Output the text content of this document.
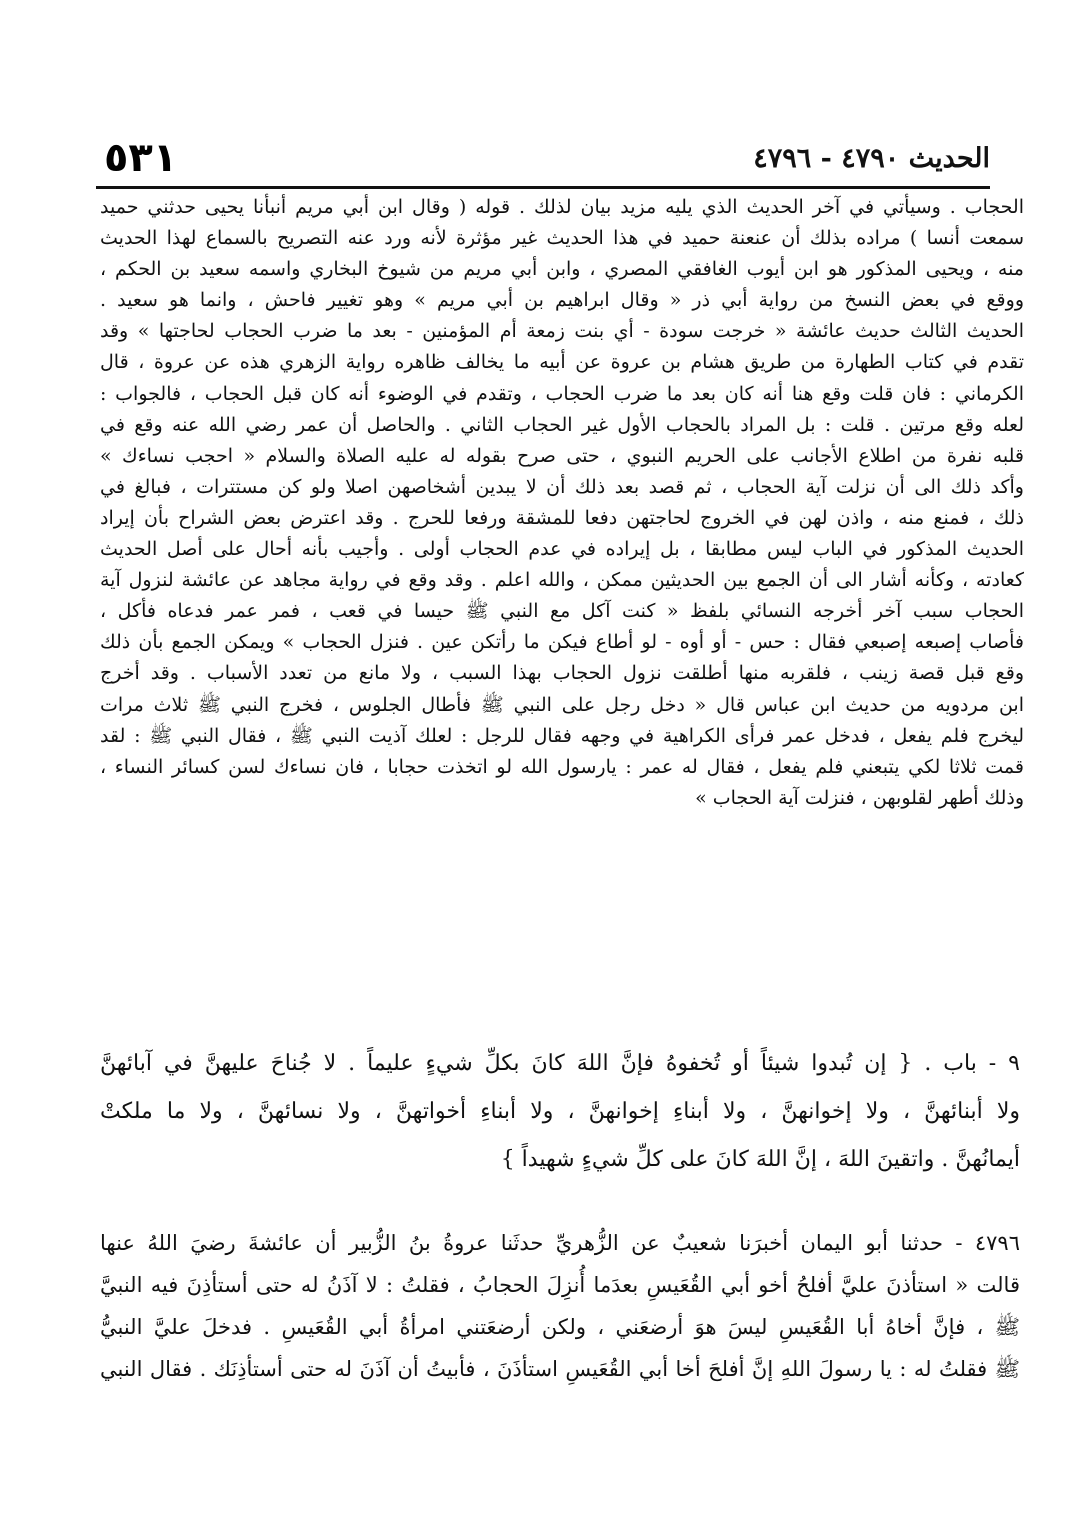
٥٣١	الحديث ٤٧٩٠ - ٤٧٩٦
الحجاب . وسيأتي في آخر الحديث الذي يليه مزيد بيان لذلك . قوله ( وقال ابن أبي مريم أنبأنا يحيى حدثني حميد
سمعت أنسا ) مراده بذلك أن عنعنة حميد في هذا الحديث غير مؤثرة لأنه ورد عنه التصريح بالسماع لهذا الحديث
منه ، ويحيى المذكور هو ابن أيوب الغافقي المصري ، وابن أبي مريم من شيوخ البخاري واسمه سعيد بن الحكم ،
ووقع في بعض النسخ من رواية أبي ذر « وقال ابراهيم بن أبي مريم » وهو تغيير فاحش ، وانما هو سعيد .
الحديث الثالث حديث عائشة « خرجت سودة - أي بنت زمعة أم المؤمنين - بعد ما ضرب الحجاب لحاجتها » وقد
تقدم في كتاب الطهارة من طريق هشام بن عروة عن أبيه ما يخالف ظاهره رواية الزهري هذه عن عروة ، قال
الكرماني : فان قلت وقع هنا أنه كان بعد ما ضرب الحجاب ، وتقدم في الوضوء أنه كان قبل الحجاب ، فالجواب :
لعله وقع مرتين . قلت : بل المراد بالحجاب الأول غير الحجاب الثاني . والحاصل أن عمر رضي الله عنه وقع في
قلبه نفرة من اطلاع الأجانب على الحريم النبوي ، حتى صرح بقوله له عليه الصلاة والسلام « احجب نساءك »
وأكد ذلك الى أن نزلت آية الحجاب ، ثم قصد بعد ذلك أن لا يبدين أشخاصهن اصلا ولو كن مستترات ، فبالغ في
ذلك ، فمنع منه ، واذن لهن في الخروج لحاجتهن دفعا للمشقة ورفعا للحرج . وقد اعترض بعض الشراح بأن إيراد
الحديث المذكور في الباب ليس مطابقا ، بل إيراده في عدم الحجاب أولى . وأجيب بأنه أحال على أصل الحديث
كعادته ، وكأنه أشار الى أن الجمع بين الحديثين ممكن ، والله اعلم . وقد وقع في رواية مجاهد عن عائشة لنزول آية
الحجاب سبب آخر أخرجه النسائي بلفظ « كنت آكل مع النبي ﷺ حيسا في قعب ، فمر عمر فدعاه فأكل ،
فأصاب إصبعه إصبعي فقال : حس - أو أوه - لو أطاع فيكن ما رأتكن عين . فنزل الحجاب » ويمكن الجمع بأن ذلك
وقع قبل قصة زينب ، فلقربه منها أطلقت نزول الحجاب بهذا السبب ، ولا مانع من تعدد الأسباب . وقد أخرج
ابن مردويه من حديث ابن عباس قال « دخل رجل على النبي ﷺ فأطال الجلوس ، فخرج النبي ﷺ ثلاث مرات
ليخرج فلم يفعل ، فدخل عمر فرأى الكراهية في وجهه فقال للرجل : لعلك آذيت النبي ﷺ ، فقال النبي ﷺ : لقد
قمت ثلاثا لكي يتبعني فلم يفعل ، فقال له عمر : يارسول الله لو اتخذت حجابا ، فان نساءك لسن كسائر النساء ،
وذلك أطهر لقلوبهن ، فنزلت آية الحجاب »
٩ - باب . { إن تُبدوا شيئاً أو تُخفوهُ فإنَّ اللهَ كانَ بكلِّ شيءٍ عليماً . لا جُناحَ عليهنَّ في آبائهنَّ
ولا أبنائهنَّ ، ولا إخوانهنَّ ، ولا أبناءِ إخوانهنَّ ، ولا أبناءِ أخواتهنَّ ، ولا نسائهنَّ ، ولا ما ملكتْ
أيمانُهنَّ . واتقينَ اللهَ ، إنَّ اللهَ كانَ على كلِّ شيءٍ شهيداً }
٤٧٩٦ - حدثنا أبو اليمان أخبرَنا شعيبٌ عن الزُّهريِّ حدثَنا عروةُ بنُ الزُّبير أن عائشةَ رضيَ اللهُ عنها
قالت « استأذنَ عليَّ أفلحُ أخو أبي القُعَيسِ بعدَما أُنزِلَ الحجابُ ، فقلتُ : لا آذَنُ له حتى أستأذِنَ فيه النبيَّ
ﷺ ، فإنَّ أخاهُ أبا القُعَيسِ ليسَ هوَ أرضعَني ، ولكن أرضعَتني امرأةُ أبي القُعَيسِ . فدخلَ عليَّ النبيُّ
ﷺ فقلتُ له : يا رسولَ اللهِ إنَّ أفلحَ أخا أبي القُعَيسِ استأذَنَ ، فأبيتُ أن آذَنَ له حتى أستأذِنَك . فقال النبي
